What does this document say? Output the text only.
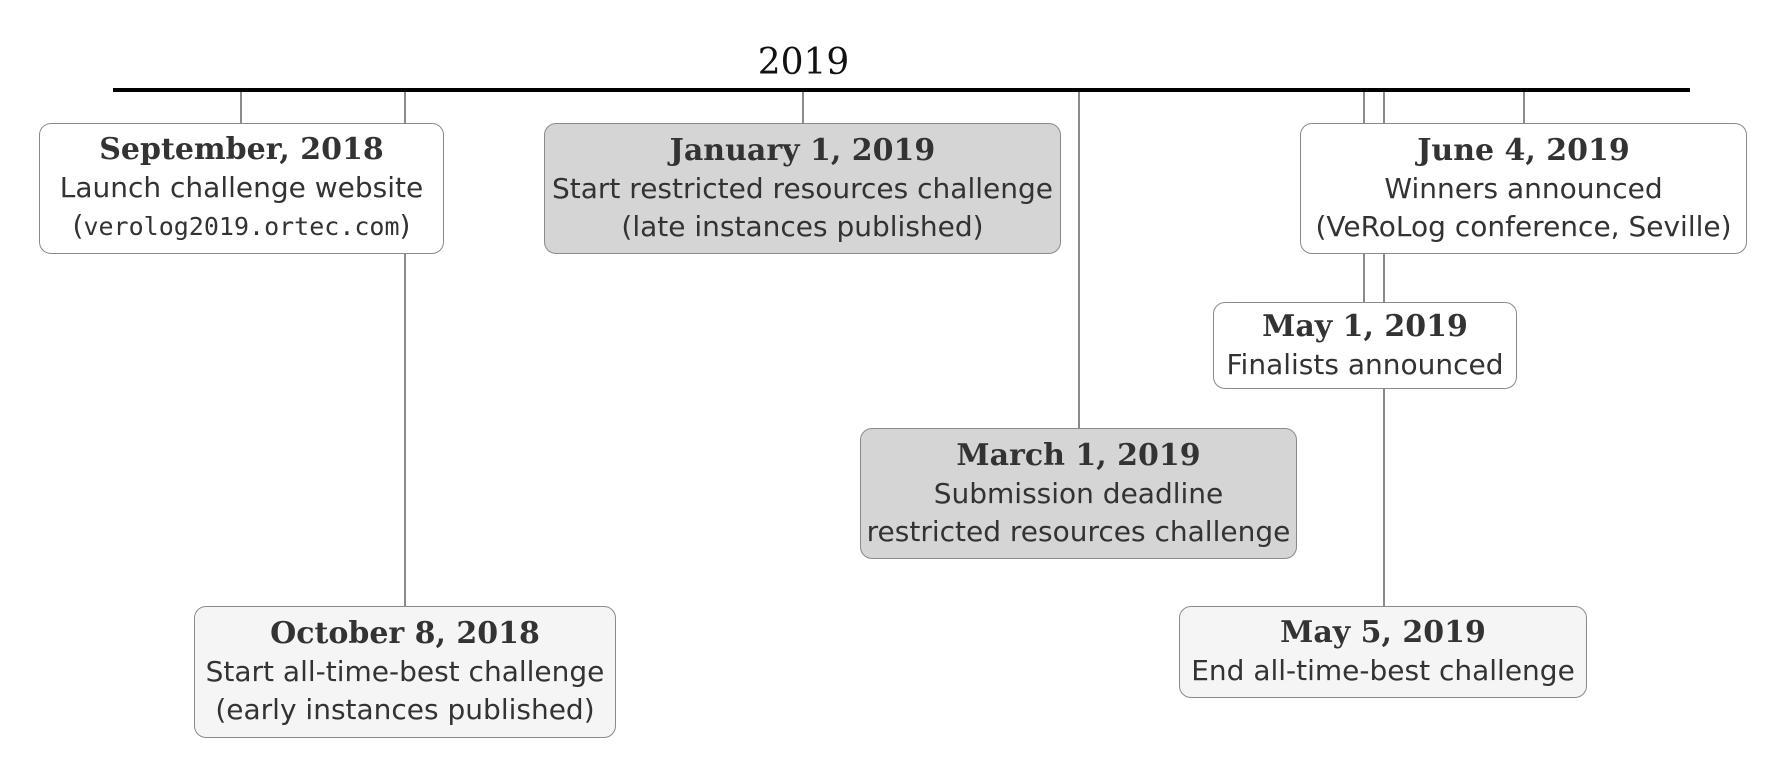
2019
September, 2018
Launch challenge website
(verolog2019.ortec.com)
October 8, 2018
Start all-time-best challenge
(early instances published)
January 1, 2019
Start restricted resources challenge
(late instances published)
March 1, 2019
Submission deadline
restricted resources challenge
May 1, 2019
Finalists announced
May 5, 2019
End all-time-best challenge
June 4, 2019
Winners announced
(VeRoLog conference, Seville)
